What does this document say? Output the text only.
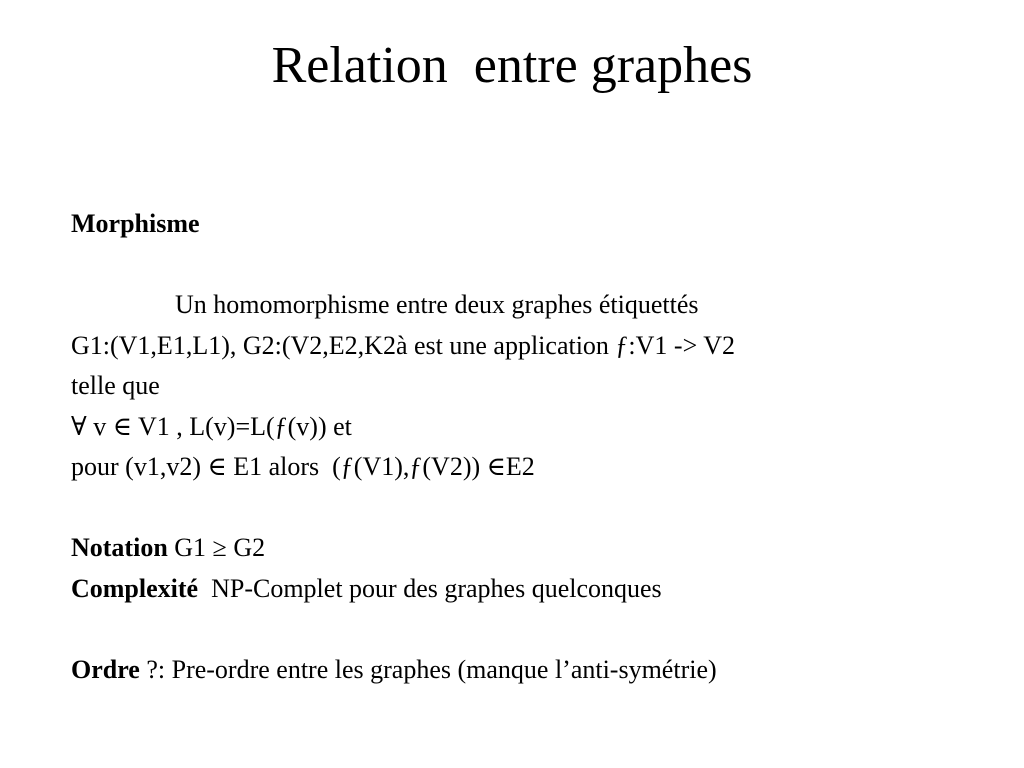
Relation  entre graphes
Morphisme
Un homomorphisme entre deux graphes étiquettés
G1:(V1,E1,L1), G2:(V2,E2,K2à est une application ƒ:V1 -> V2
telle que
∀ v ∈ V1 , L(v)=L(ƒ(v)) et
pour (v1,v2) ∈ E1 alors  (ƒ(V1),ƒ(V2)) ∈E2
Notation G1 ≥ G2
Complexité  NP-Complet pour des graphes quelconques
Ordre ?: Pre-ordre entre les graphes (manque l’anti-symétrie)
